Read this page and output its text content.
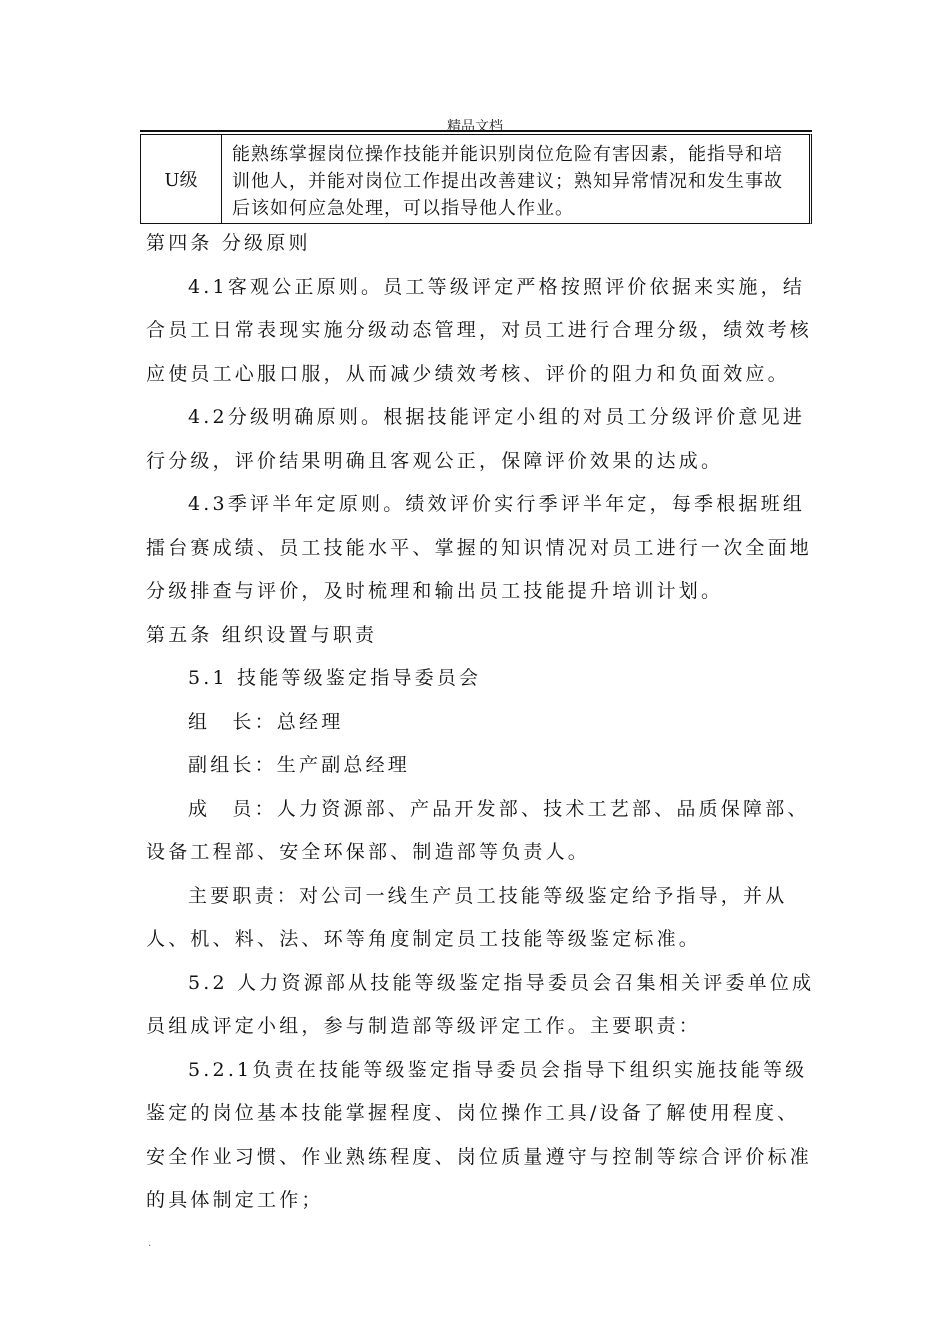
精品文档
U级
能熟练掌握岗位操作技能并能识别岗位危险有害因素，能指导和培训他人，并能对岗位工作提出改善建议；熟知异常情况和发生事故后该如何应急处理，可以指导他人作业。

第四条 分级原则

4.1客观公正原则。员工等级评定严格按照评价依据来实施，结合员工日常表现实施分级动态管理，对员工进行合理分级，绩效考核应使员工心服口服，从而减少绩效考核、评价的阻力和负面效应。

4.2分级明确原则。根据技能评定小组的对员工分级评价意见进行分级，评价结果明确且客观公正，保障评价效果的达成。

4.3季评半年定原则。绩效评价实行季评半年定，每季根据班组擂台赛成绩、员工技能水平、掌握的知识情况对员工进行一次全面地分级排查与评价，及时梳理和输出员工技能提升培训计划。

第五条 组织设置与职责

5.1 技能等级鉴定指导委员会

组　长：总经理

副组长：生产副总经理

成　员：人力资源部、产品开发部、技术工艺部、品质保障部、设备工程部、安全环保部、制造部等负责人。

主要职责：对公司一线生产员工技能等级鉴定给予指导，并从人、机、料、法、环等角度制定员工技能等级鉴定标准。

5.2 人力资源部从技能等级鉴定指导委员会召集相关评委单位成员组成评定小组，参与制造部等级评定工作。主要职责：

5.2.1负责在技能等级鉴定指导委员会指导下组织实施技能等级鉴定的岗位基本技能掌握程度、岗位操作工具/设备了解使用程度、安全作业习惯、作业熟练程度、岗位质量遵守与控制等综合评价标准的具体制定工作；

.
